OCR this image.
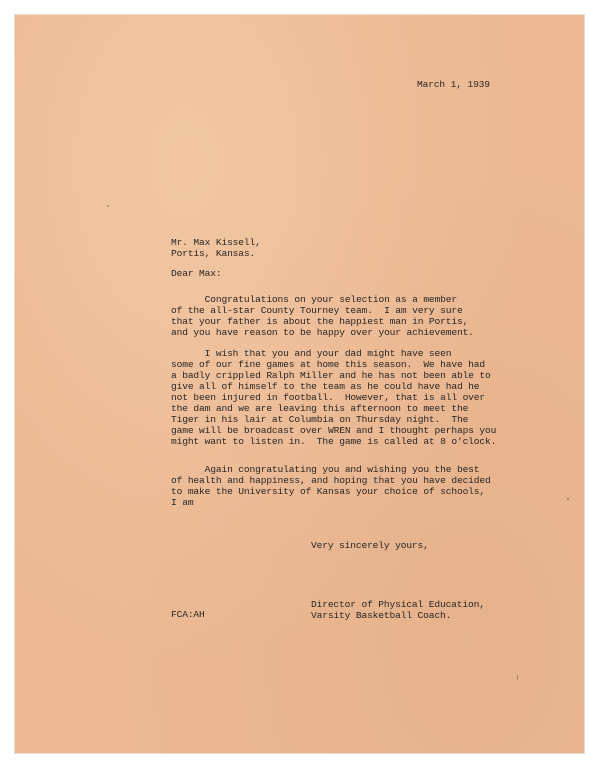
March 1, 1939
Mr. Max Kissell,
Portis, Kansas.
Dear Max:
Congratulations on your selection as a member
of the all-star County Tourney team.  I am very sure
that your father is about the happiest man in Portis,
and you have reason to be happy over your achievement.
I wish that you and your dad might have seen
some of our fine games at home this season.  We have had
a badly crippled Ralph Miller and he has not been able to
give all of himself to the team as he could have had he
not been injured in football.  However, that is all over
the dam and we are leaving this afternoon to meet the
Tiger in his lair at Columbia on Thursday night.  The
game will be broadcast over WREN and I thought perhaps you
might want to listen in.  The game is called at 8 o'clock.
Again congratulating you and wishing you the best
of health and happiness, and hoping that you have decided
to make the University of Kansas your choice of schools,
I am
Very sincerely yours,
Director of Physical Education,
Varsity Basketball Coach.
FCA:AH
